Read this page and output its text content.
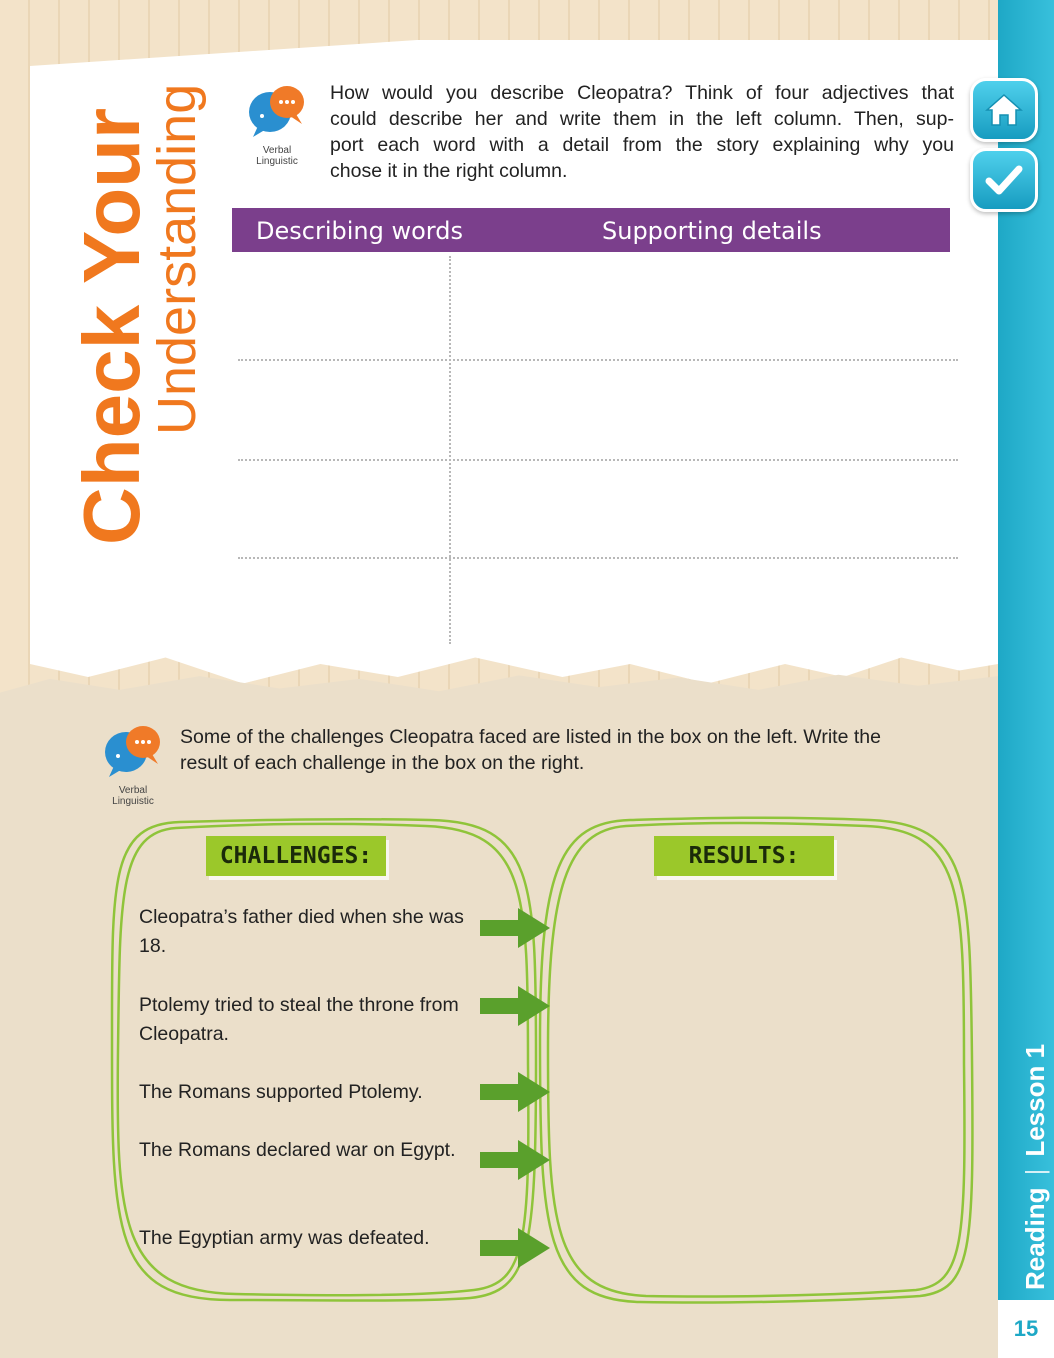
Reading|Lesson 1
15
Check Your
Understanding	Verbal
Linguistic
How would you describe Cleopatra? Think of four adjectives that
could describe her and write them in the left column. Then, sup-
port each word with a detail from the story explaining why you
chose it in the right column.
Describing words	Supporting details
Verbal
Linguistic
Some of the challenges Cleopatra faced are listed in the box on the left. Write the
result of each challenge in the box on the right.
CHALLENGES:	RESULTS:
Cleopatra’s father died when she was 18.
Ptolemy tried to steal the throne from Cleopatra.
The Romans supported Ptolemy.
The Romans declared war on Egypt.
The Egyptian army was defeated.
